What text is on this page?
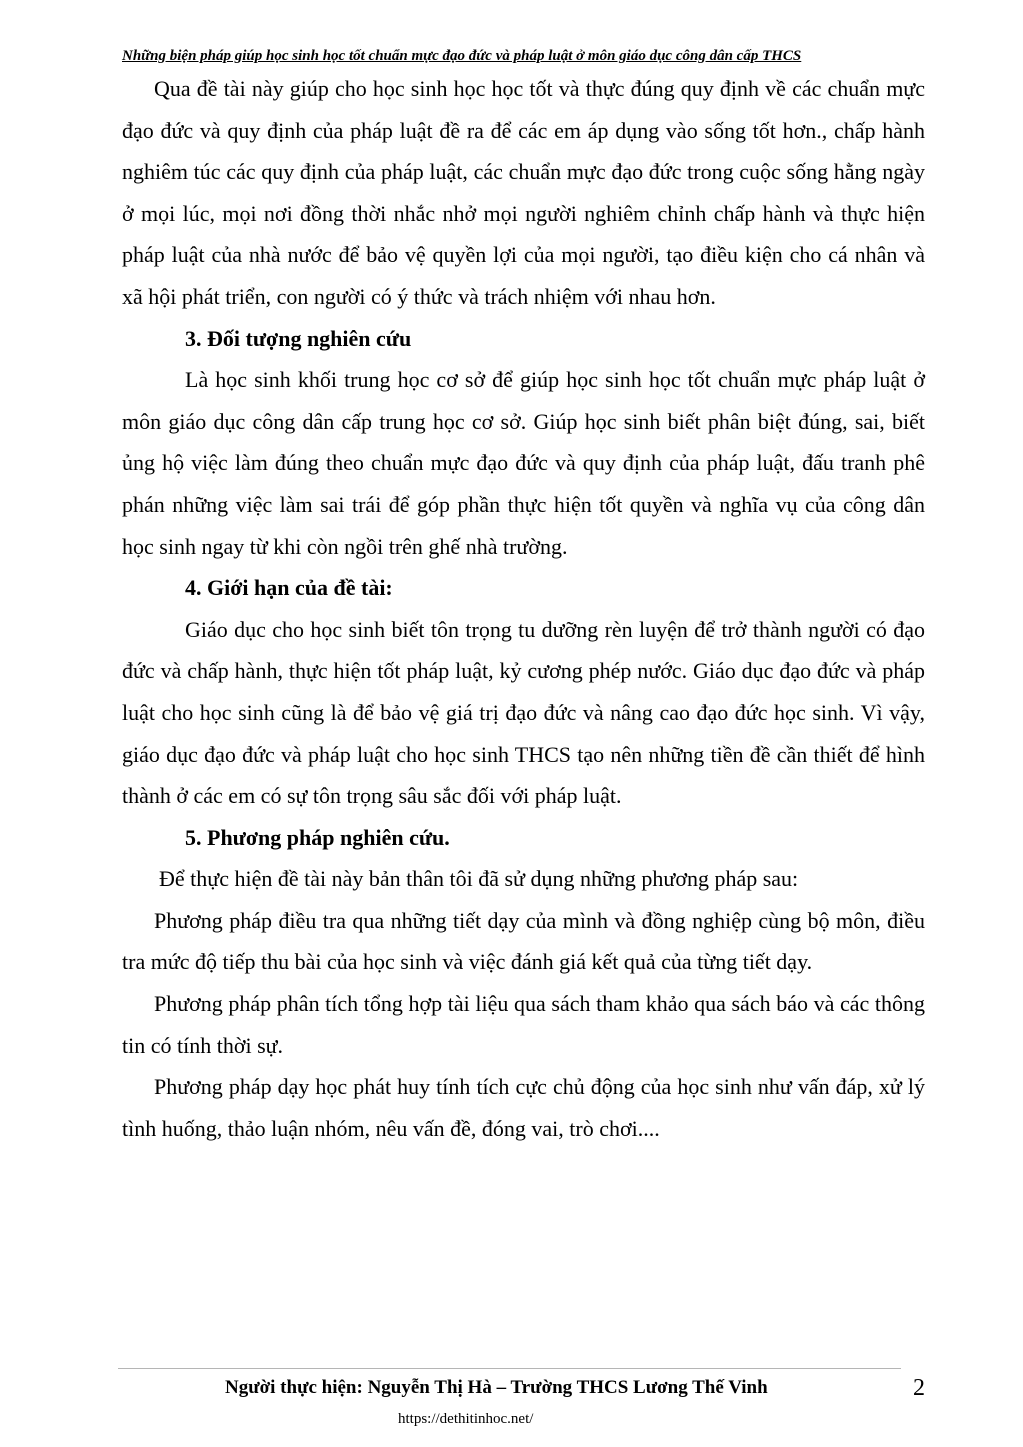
Những biện pháp giúp học sinh học tốt chuẩn mực đạo đức và pháp luật ở môn giáo dục công dân cấp THCS

Qua đề tài này giúp cho học sinh học học tốt và thực đúng quy định về các chuẩn mực đạo đức và quy định của pháp luật đề ra để các em áp dụng vào sống tốt hơn., chấp hành nghiêm túc các quy định của pháp luật, các chuẩn mực đạo đức trong cuộc sống hằng ngày ở mọi lúc, mọi nơi đồng thời nhắc nhở mọi người nghiêm chỉnh chấp hành và thực hiện pháp luật của nhà nước để bảo vệ quyền lợi của mọi người, tạo điều kiện cho cá nhân và xã hội phát triển, con người có ý thức và trách nhiệm với nhau hơn.

3. Đối tượng nghiên cứu

Là học sinh khối trung học cơ sở để giúp học sinh học tốt chuẩn mực pháp luật ở môn giáo dục công dân cấp trung học cơ sở. Giúp học sinh biết phân biệt đúng, sai, biết ủng hộ việc làm đúng theo chuẩn mực đạo đức và quy định của pháp luật, đấu tranh phê phán những việc làm sai trái để góp phần thực hiện tốt quyền và nghĩa vụ của công dân học sinh ngay từ khi còn ngồi trên ghế nhà trường.

4. Giới hạn của đề tài:

Giáo dục cho học sinh biết tôn trọng tu dưỡng rèn luyện để trở thành người có đạo đức và chấp hành, thực hiện tốt pháp luật, kỷ cương phép nước. Giáo dục đạo đức và pháp luật cho học sinh cũng là để bảo vệ giá trị đạo đức và nâng cao đạo đức học sinh. Vì vậy, giáo dục đạo đức và pháp luật cho học sinh THCS tạo nên những tiền đề cần thiết để hình thành ở các em có sự tôn trọng sâu sắc đối với pháp luật.

5. Phương pháp nghiên cứu.

Để thực hiện đề tài này bản thân tôi đã sử dụng những phương pháp sau:

Phương pháp điều tra qua những tiết dạy của mình và đồng nghiệp cùng bộ môn, điều tra mức độ tiếp thu bài của học sinh và việc đánh giá kết quả của từng tiết dạy.

Phương pháp phân tích tổng hợp tài liệu qua sách tham khảo qua sách báo và các thông tin có tính thời sự.

Phương pháp dạy học phát huy tính tích cực chủ động của học sinh như vấn đáp, xử lý tình huống, thảo luận nhóm, nêu vấn đề, đóng vai, trò chơi....

Người thực hiện: Nguyễn Thị Hà – Trường THCS Lương Thế Vinh	2
https://dethitinhoc.net/
